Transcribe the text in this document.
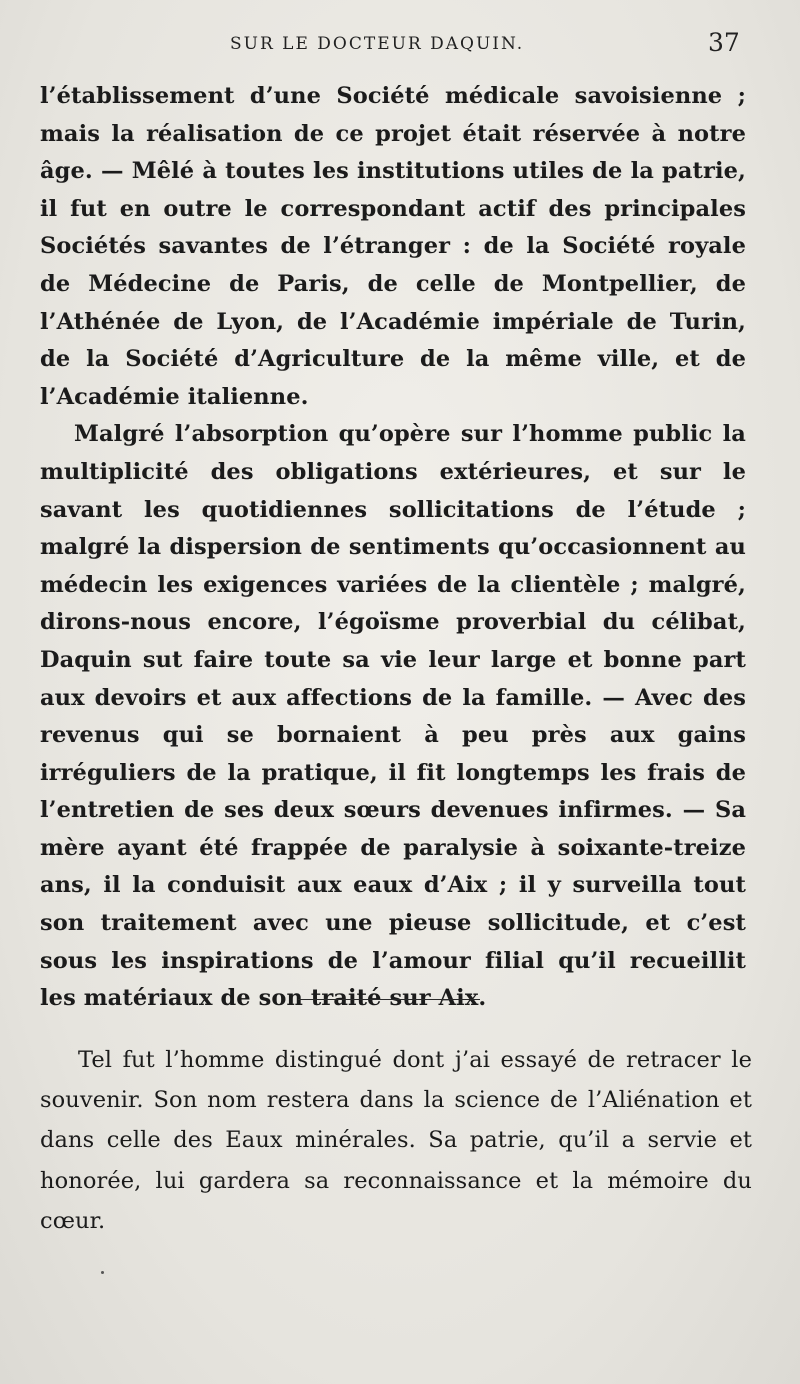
SUR LE DOCTEUR DAQUIN.	37

l’établissement d’une Société médicale savoisienne ; mais la réalisation de ce projet était réservée à notre âge. — Mêlé à toutes les institutions utiles de la patrie, il fut en outre le correspondant actif des principales Sociétés savantes de l’étranger : de la Société royale de Médecine de Paris, de celle de Montpellier, de l’Athénée de Lyon, de l’Académie impériale de Turin, de la Société d’Agriculture de la même ville, et de l’Académie italienne.

Malgré l’absorption qu’opère sur l’homme public la multiplicité des obligations extérieures, et sur le savant les quotidiennes sollicitations de l’étude ; malgré la dispersion de sentiments qu’occasionnent au médecin les exigences variées de la clientèle ; malgré, dirons-nous encore, l’égoïsme proverbial du célibat, Daquin sut faire toute sa vie leur large et bonne part aux devoirs et aux affections de la famille. — Avec des revenus qui se bornaient à peu près aux gains irréguliers de la pratique, il fit longtemps les frais de l’entretien de ses deux sœurs devenues infirmes. — Sa mère ayant été frappée de paralysie à soixante-treize ans, il la conduisit aux eaux d’Aix ; il y surveilla tout son traitement avec une pieuse sollicitude, et c’est sous les inspirations de l’amour filial qu’il recueillit les matériaux de son traité sur Aix.

Tel fut l’homme distingué dont j’ai essayé de retracer le souvenir. Son nom restera dans la science de l’Aliénation et dans celle des Eaux minérales. Sa patrie, qu’il a servie et honorée, lui gardera sa reconnaissance et la mémoire du cœur.
